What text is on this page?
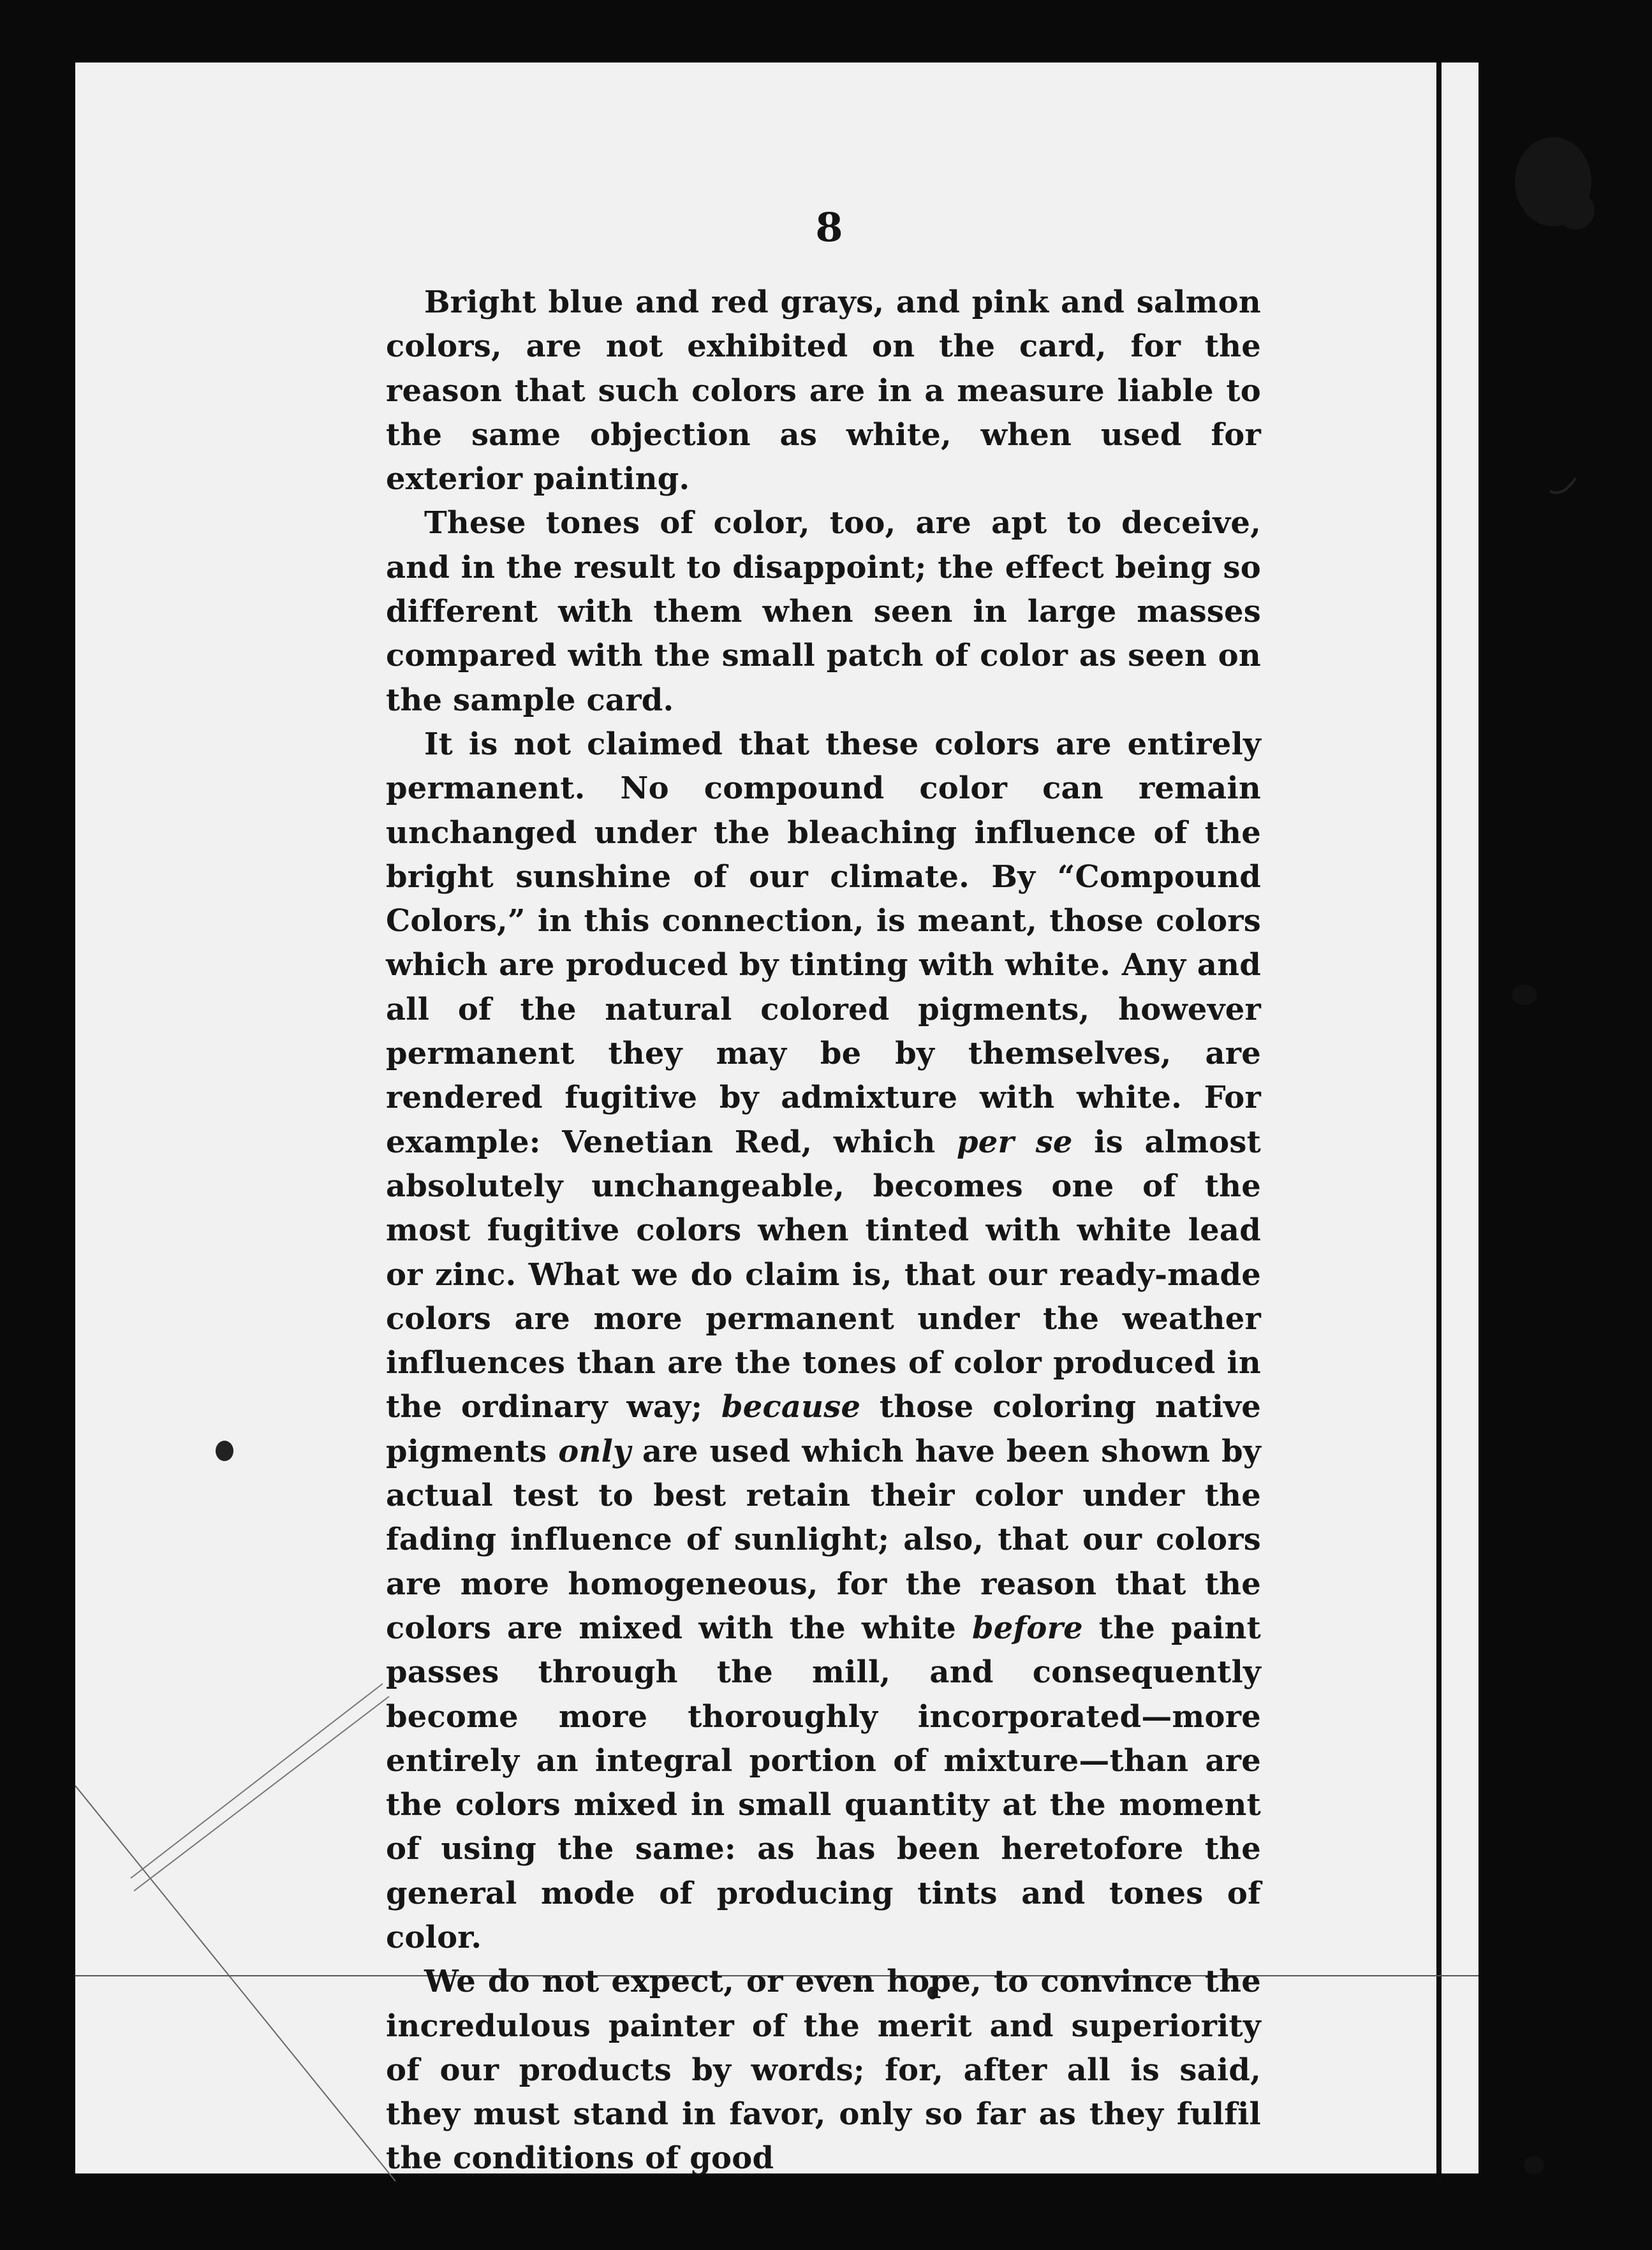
8

Bright blue and red grays, and pink and salmon colors, are not exhibited on the card, for the reason that such colors are in a measure liable to the same objection as white, when used for exterior painting.

These tones of color, too, are apt to deceive, and in the result to disappoint; the effect being so different with them when seen in large masses compared with the small patch of color as seen on the sample card.

It is not claimed that these colors are entirely permanent. No compound color can remain unchanged under the bleaching influence of the bright sunshine of our climate. By “Compound Colors,” in this connection, is meant, those colors which are produced by tinting with white. Any and all of the natural colored pigments, however permanent they may be by themselves, are rendered fugitive by admixture with white. For example: Venetian Red, which per se is almost absolutely unchangeable, becomes one of the most fugitive colors when tinted with white lead or zinc. What we do claim is, that our ready-made colors are more permanent under the weather influences than are the tones of color produced in the ordinary way; because those coloring native pigments only are used which have been shown by actual test to best retain their color under the fading influence of sunlight; also, that our colors are more homogeneous, for the reason that the colors are mixed with the white before the paint passes through the mill, and consequently become more thoroughly incorporated—more entirely an integral portion of mixture—than are the colors mixed in small quantity at the moment of using the same: as has been heretofore the general mode of producing tints and tones of color.

We do not expect, or even hope, to convince the incredulous painter of the merit and superiority of our products by words; for, after all is said, they must stand in favor, only so far as they fulfil the conditions of good
